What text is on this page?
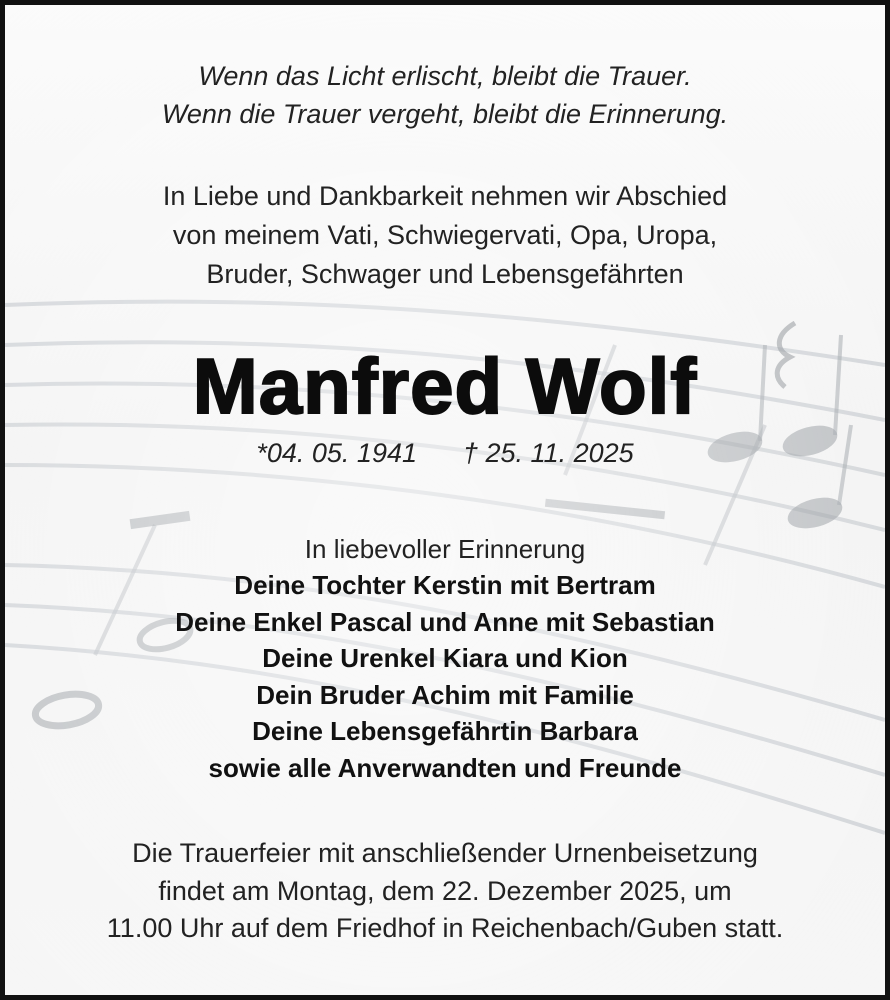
Wenn das Licht erlischt, bleibt die Trauer.
Wenn die Trauer vergeht, bleibt die Erinnerung.
In Liebe und Dankbarkeit nehmen wir Abschied
von meinem Vati, Schwiegervati, Opa, Uropa,
Bruder, Schwager und Lebensgefährten
Manfred Wolf
*04. 05. 1941 † 25. 11. 2025
In liebevoller Erinnerung
Deine Tochter Kerstin mit Bertram
Deine Enkel Pascal und Anne mit Sebastian
Deine Urenkel Kiara und Kion
Dein Bruder Achim mit Familie
Deine Lebensgefährtin Barbara
sowie alle Anverwandten und Freunde
Die Trauerfeier mit anschließender Urnenbeisetzung
findet am Montag, dem 22. Dezember 2025, um
11.00 Uhr auf dem Friedhof in Reichenbach/Guben statt.
